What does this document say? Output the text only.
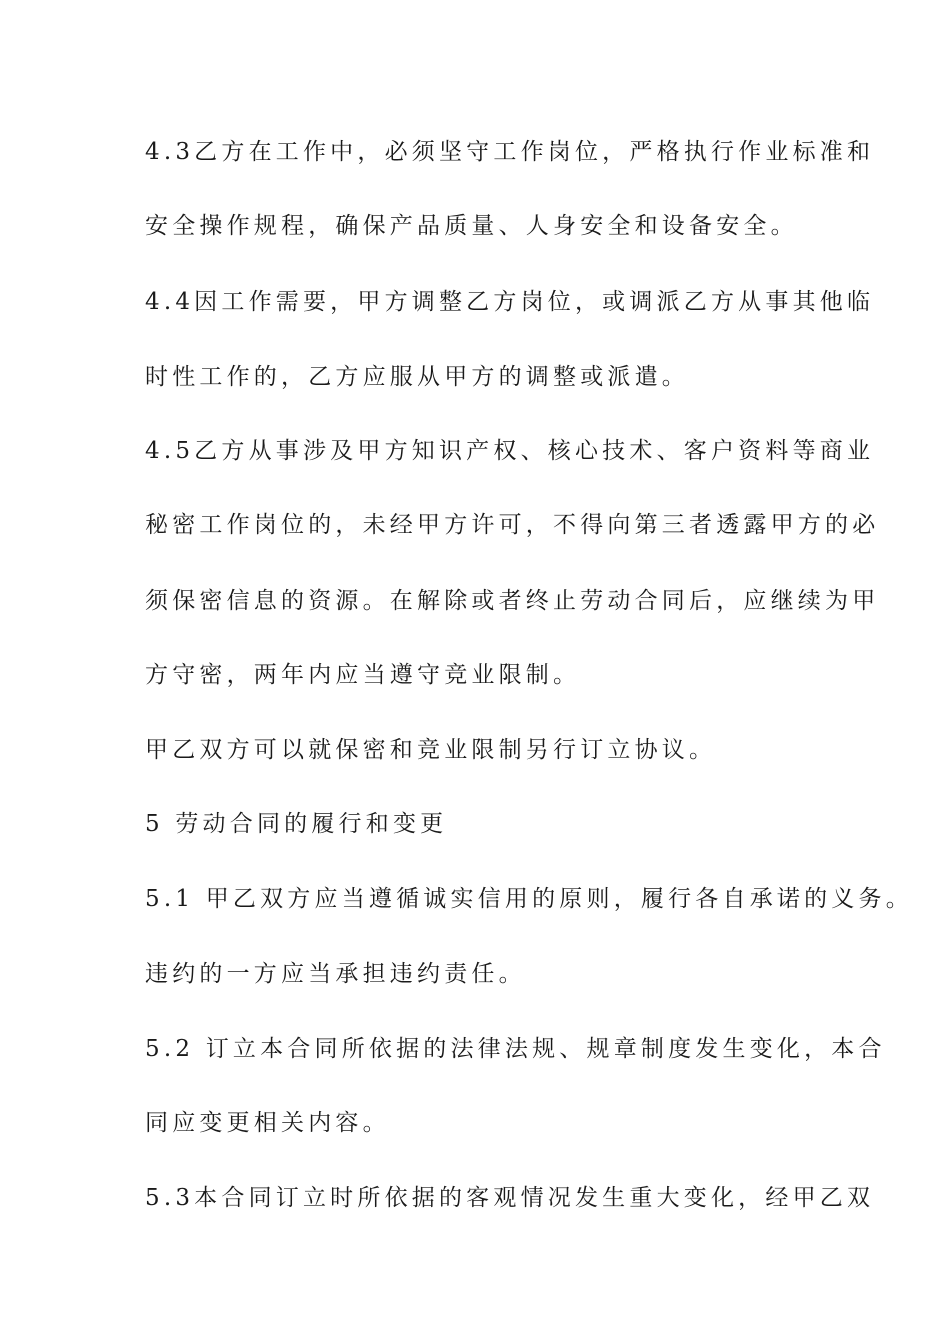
4.3乙方在工作中，必须坚守工作岗位，严格执行作业标准和
安全操作规程，确保产品质量、人身安全和设备安全。
4.4因工作需要，甲方调整乙方岗位，或调派乙方从事其他临
时性工作的，乙方应服从甲方的调整或派遣。
4.5乙方从事涉及甲方知识产权、核心技术、客户资料等商业
秘密工作岗位的，未经甲方许可，不得向第三者透露甲方的必
须保密信息的资源。在解除或者终止劳动合同后，应继续为甲
方守密，两年内应当遵守竞业限制。
甲乙双方可以就保密和竞业限制另行订立协议。
5 劳动合同的履行和变更
5.1 甲乙双方应当遵循诚实信用的原则，履行各自承诺的义务。
违约的一方应当承担违约责任。
5.2 订立本合同所依据的法律法规、规章制度发生变化，本合
同应变更相关内容。
5.3本合同订立时所依据的客观情况发生重大变化，经甲乙双
